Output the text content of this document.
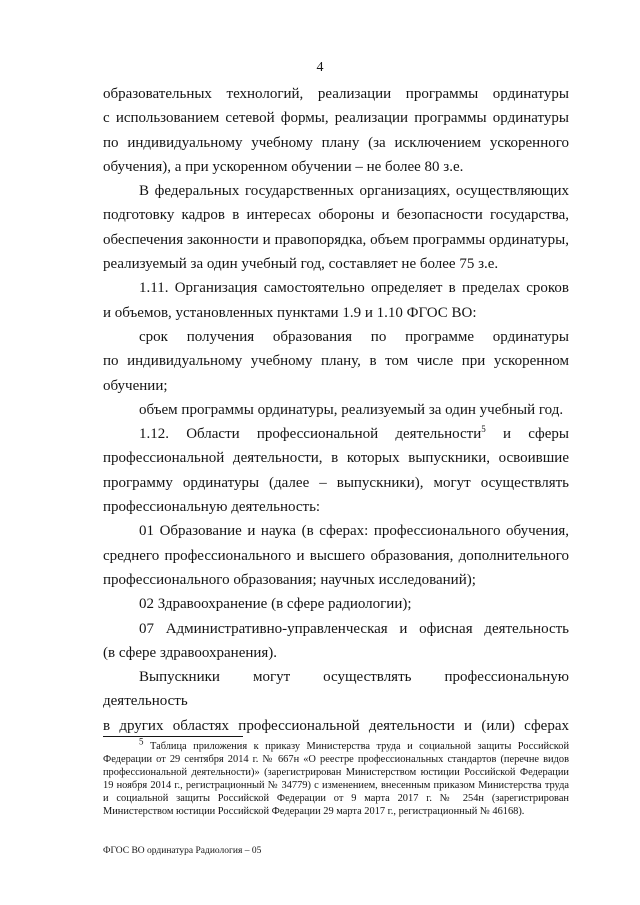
4

образовательных технологий, реализации программы ординатуры

с использованием сетевой формы, реализации программы ординатуры

по индивидуальному учебному плану (за исключением ускоренного

обучения), а при ускоренном обучении – не более 80 з.е.

В федеральных государственных организациях, осуществляющих

подготовку кадров в интересах обороны и безопасности государства,

обеспечения законности и правопорядка, объем программы ординатуры,

реализуемый за один учебный год, составляет не более 75 з.е.

1.11. Организация самостоятельно определяет в пределах сроков

и объемов, установленных пунктами 1.9 и 1.10 ФГОС ВО:

срок получения образования по программе ординатуры

по индивидуальному учебному плану, в том числе при ускоренном

обучении;

объем программы ординатуры, реализуемый за один учебный год.

1.12. Области профессиональной деятельности$^5$ и сферы

профессиональной деятельности, в которых выпускники, освоившие

программу ординатуры (далее – выпускники), могут осуществлять

профессиональную деятельность:

01 Образование и наука (в сферах: профессионального обучения,

среднего профессионального и высшего образования, дополнительного

профессионального образования; научных исследований);

02 Здравоохранение (в сфере радиологии);

07 Административно-управленческая и офисная деятельность

(в сфере здравоохранения).

Выпускники могут осуществлять профессиональную деятельность

в других областях профессиональной деятельности и (или) сферах

$^5$ Таблица приложения к приказу Министерства труда и социальной защиты Российской

Федерации от 29 сентября 2014 г. № 667н «О реестре профессиональных стандартов (перечне видов

профессиональной деятельности)» (зарегистрирован Министерством юстиции Российской Федерации

19 ноября 2014 г., регистрационный № 34779) с изменением, внесенным приказом Министерства труда

и социальной защиты Российской Федерации от 9 марта 2017 г. № 254н (зарегистрирован

Министерством юстиции Российской Федерации 29 марта 2017 г., регистрационный № 46168).

ФГОС ВО ординатура Радиология – 05
